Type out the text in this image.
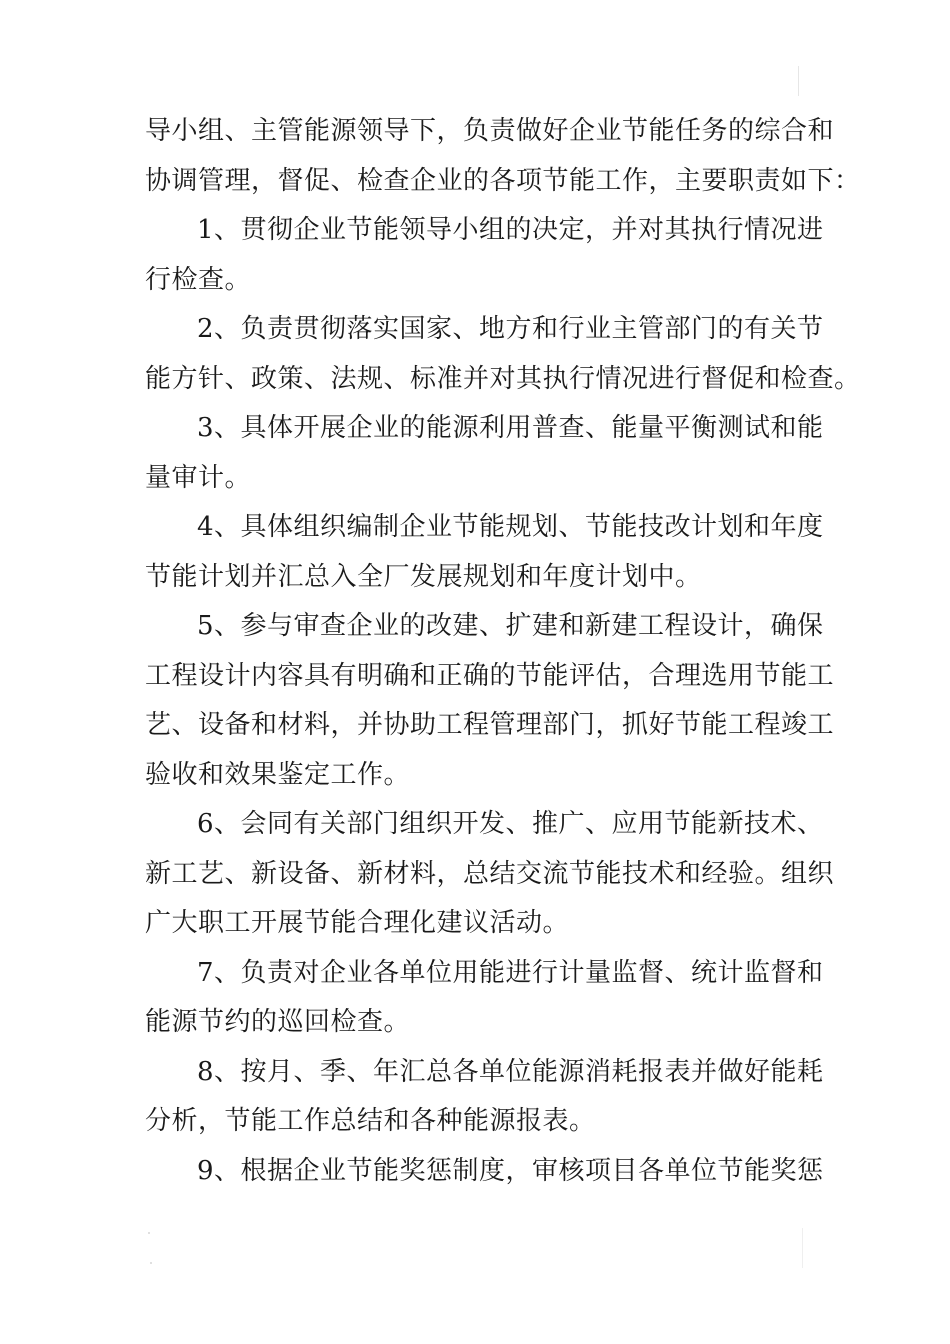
导小组、主管能源领导下，负责做好企业节能任务的综合和
协调管理，督促、检查企业的各项节能工作，主要职责如下：
1、贯彻企业节能领导小组的决定，并对其执行情况进
行检查。
2、负责贯彻落实国家、地方和行业主管部门的有关节
能方针、政策、法规、标准并对其执行情况进行督促和检查。
3、具体开展企业的能源利用普查、能量平衡测试和能
量审计。
4、具体组织编制企业节能规划、节能技改计划和年度
节能计划并汇总入全厂发展规划和年度计划中。
5、参与审查企业的改建、扩建和新建工程设计，确保
工程设计内容具有明确和正确的节能评估，合理选用节能工
艺、设备和材料，并协助工程管理部门，抓好节能工程竣工
验收和效果鉴定工作。
6、会同有关部门组织开发、推广、应用节能新技术、
新工艺、新设备、新材料，总结交流节能技术和经验。组织
广大职工开展节能合理化建议活动。
7、负责对企业各单位用能进行计量监督、统计监督和
能源节约的巡回检查。
8、按月、季、年汇总各单位能源消耗报表并做好能耗
分析，节能工作总结和各种能源报表。
9、根据企业节能奖惩制度，审核项目各单位节能奖惩
